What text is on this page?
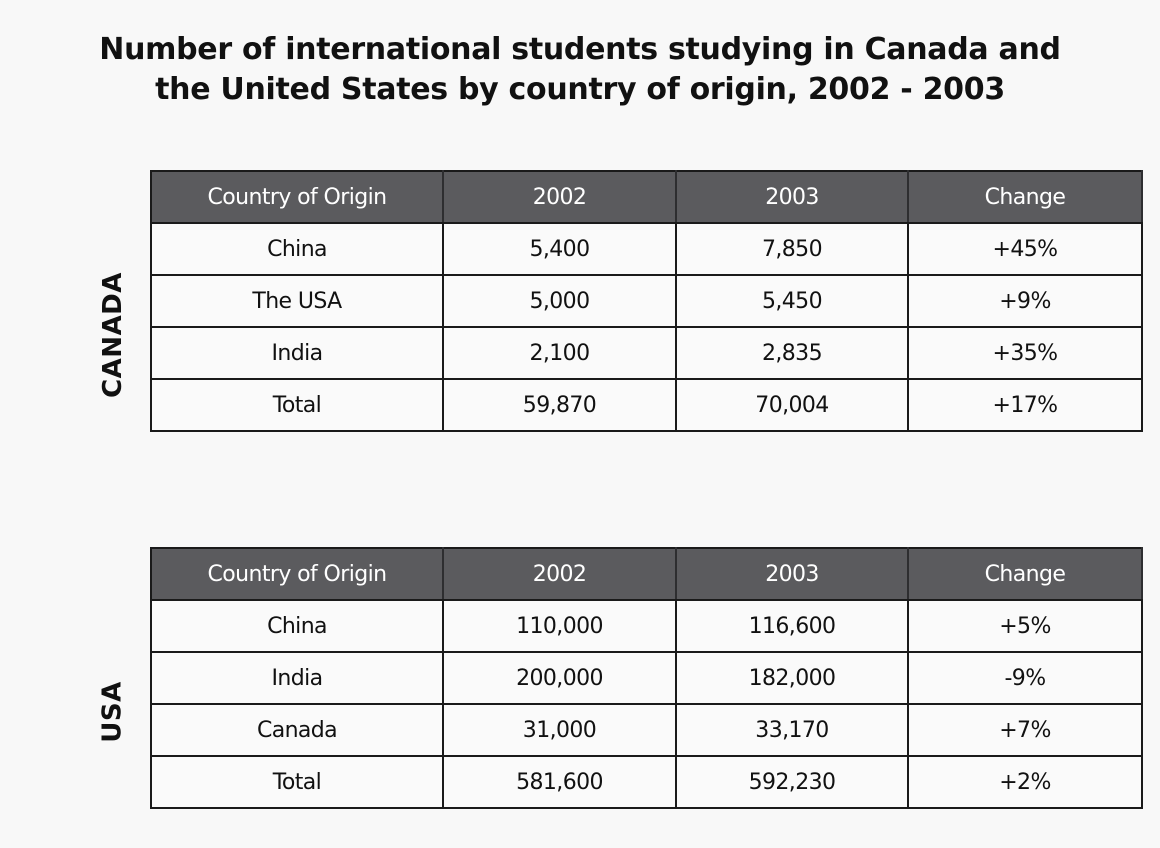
Number of international students studying in Canada and
the United States by country of origin, 2002 - 2003
CANADA
Country of Origin	2002	2003	Change
China	5,400	7,850	+45%
The USA	5,000	5,450	+9%
India	2,100	2,835	+35%
Total	59,870	70,004	+17%
USA
Country of Origin	2002	2003	Change
China	110,000	116,600	+5%
India	200,000	182,000	-9%
Canada	31,000	33,170	+7%
Total	581,600	592,230	+2%
